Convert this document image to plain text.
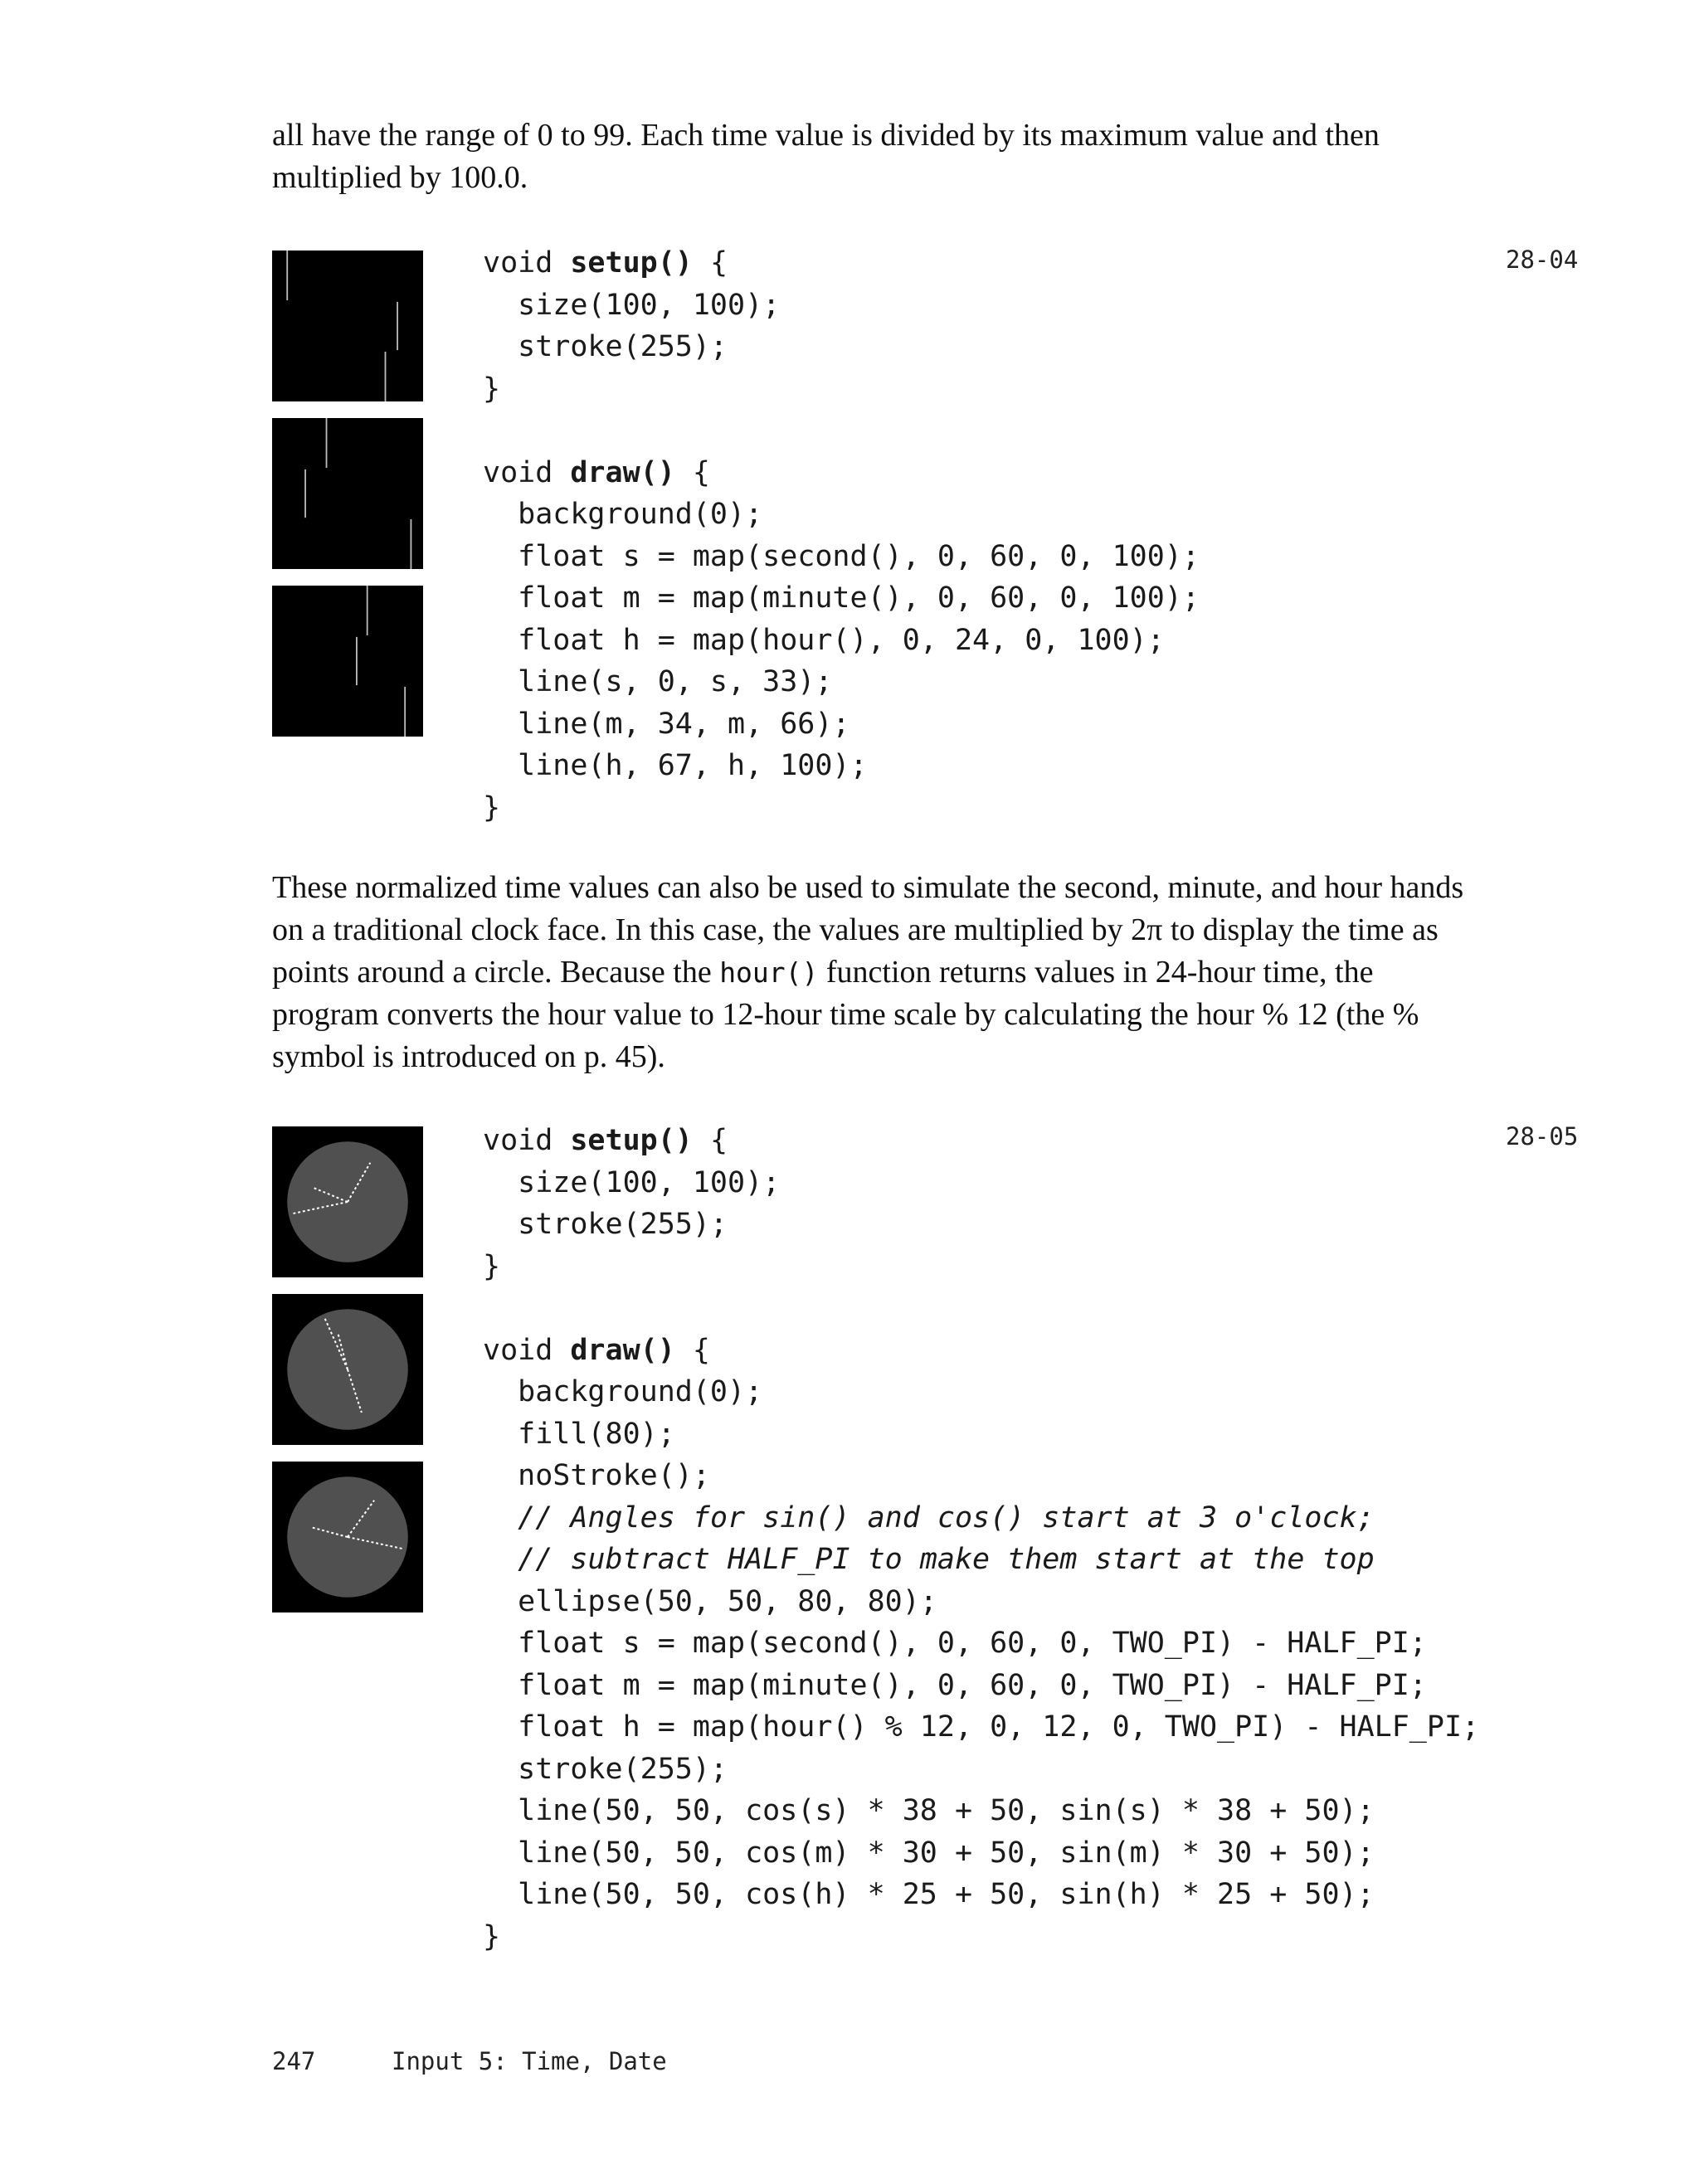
all have the range of 0 to 99. Each time value is divided by its maximum value and then multiplied by 100.0.

void setup() {
size(100, 100);
stroke(255);
}
void draw() {
background(0);
float s = map(second(), 0, 60, 0, 100);
float m = map(minute(), 0, 60, 0, 100);
float h = map(hour(), 0, 24, 0, 100);
line(s, 0, s, 33);
line(m, 34, m, 66);
line(h, 67, h, 100);
}
28-04

These normalized time values can also be used to simulate the second, minute, and hour hands on a traditional clock face. In this case, the values are multiplied by 2π to display the time as points around a circle. Because the hour() function returns values in 24-hour time, the program converts the hour value to 12-hour time scale by calculating the hour % 12 (the % symbol is introduced on p. 45).

void setup() {
size(100, 100);
stroke(255);
}
void draw() {
background(0);
fill(80);
noStroke();
// Angles for sin() and cos() start at 3 o'clock;
// subtract HALF_PI to make them start at the top
ellipse(50, 50, 80, 80);
float s = map(second(), 0, 60, 0, TWO_PI) - HALF_PI;
float m = map(minute(), 0, 60, 0, TWO_PI) - HALF_PI;
float h = map(hour() % 12, 0, 12, 0, TWO_PI) - HALF_PI;
stroke(255);
line(50, 50, cos(s) * 38 + 50, sin(s) * 38 + 50);
line(50, 50, cos(m) * 30 + 50, sin(m) * 30 + 50);
line(50, 50, cos(h) * 25 + 50, sin(h) * 25 + 50);
}
28-05
247	Input 5: Time, Date
